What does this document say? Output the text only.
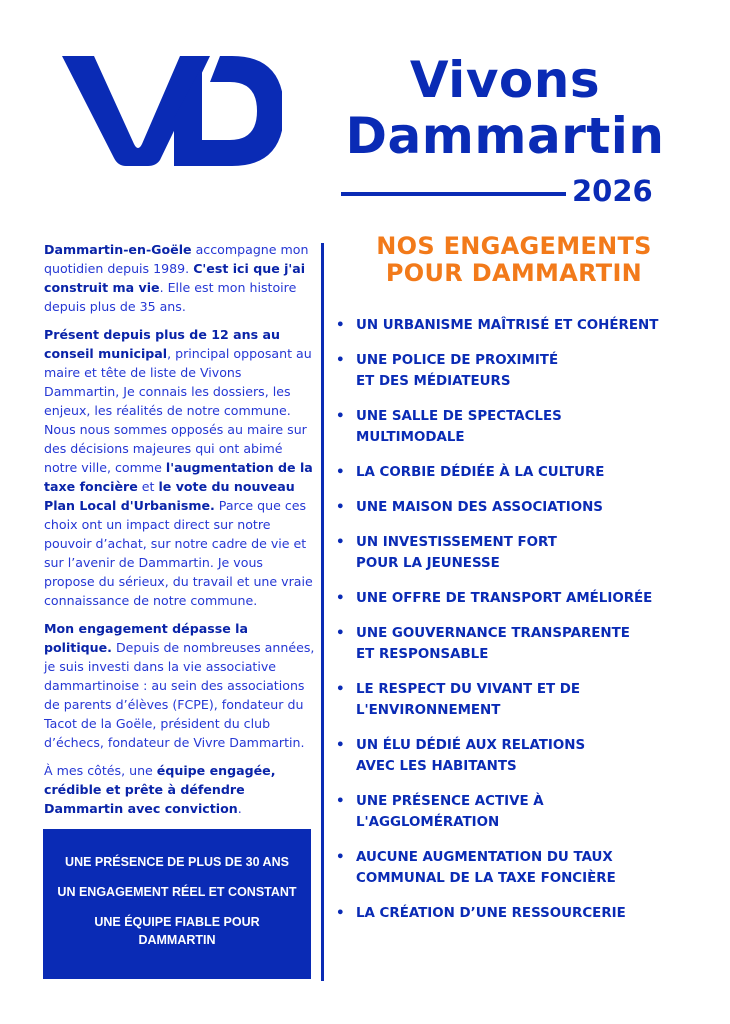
Vivons
Dammartin
2026

Dammartin-en-Goële accompagne mon quotidien depuis 1989. C'est ici que j'ai construit ma vie. Elle est mon histoire depuis plus de 35 ans.

Présent depuis plus de 12 ans au conseil municipal, principal opposant au maire et tête de liste de Vivons Dammartin, Je connais les dossiers, les enjeux, les réalités de notre commune. Nous nous sommes opposés au maire sur des décisions majeures qui ont abimé notre ville, comme l'augmentation de la taxe foncière et le vote du nouveau Plan Local d'Urbanisme. Parce que ces choix ont un impact direct sur notre pouvoir d’achat, sur notre cadre de vie et sur l’avenir de Dammartin. Je vous propose du sérieux, du travail et une vraie connaissance de notre commune.

Mon engagement dépasse la politique. Depuis de nombreuses années, je suis investi dans la vie associative dammartinoise : au sein des associations de parents d’élèves (FCPE), fondateur du Tacot de la Goële, président du club d’échecs, fondateur de Vivre Dammartin.

À mes côtés, une équipe engagée, crédible et prête à défendre Dammartin avec conviction.

UNE PRÉSENCE DE PLUS DE 30 ANS
UN ENGAGEMENT RÉEL ET CONSTANT
UNE ÉQUIPE FIABLE POUR DAMMARTIN
NOS ENGAGEMENTS
POUR DAMMARTIN
• UN URBANISME MAÎTRISÉ ET COHÉRENT
• UNE POLICE DE PROXIMITÉ
ET DES MÉDIATEURS
• UNE SALLE DE SPECTACLES
MULTIMODALE
• LA CORBIE DÉDIÉE À LA CULTURE
• UNE MAISON DES ASSOCIATIONS
• UN INVESTISSEMENT FORT
POUR LA JEUNESSE
• UNE OFFRE DE TRANSPORT AMÉLIORÉE
• UNE GOUVERNANCE TRANSPARENTE
ET RESPONSABLE
• LE RESPECT DU VIVANT ET DE
L'ENVIRONNEMENT
• UN ÉLU DÉDIÉ AUX RELATIONS
AVEC LES HABITANTS
• UNE PRÉSENCE ACTIVE À
L'AGGLOMÉRATION
• AUCUNE AUGMENTATION DU TAUX
COMMUNAL DE LA TAXE FONCIÈRE
• LA CRÉATION D’UNE RESSOURCERIE
